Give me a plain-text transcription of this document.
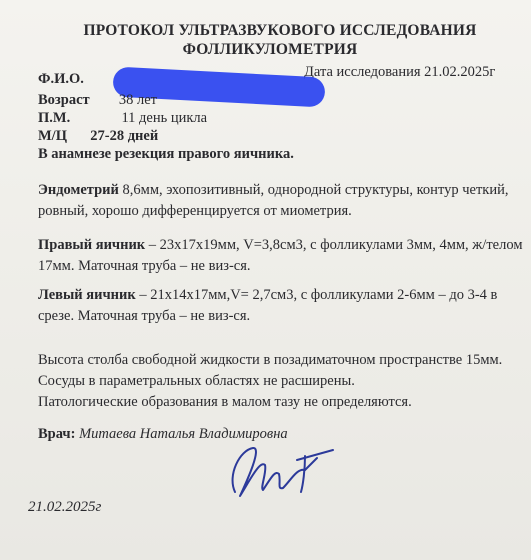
ПРОТОКОЛ УЛЬТРАЗВУКОВОГО ИССЛЕДОВАНИЯ
ФОЛЛИКУЛОМЕТРИЯ
Дата исследования 21.02.2025г
Ф.И.О.
Возраст 38 лет
П.М.	11 день цикла
М/Ц 27-28 дней
В анамнезе резекция правого яичника.

Эндометрий 8,6мм, эхопозитивный, однородной структуры, контур четкий, ровный, хорошо дифференцируется от миометрия.

Правый яичник – 23x17x19мм, V=3,8см3, с фолликулами 3мм, 4мм, ж/телом 17мм. Маточная труба – не виз-ся.

Левый яичник – 21x14x17мм,V= 2,7см3, с фолликулами 2-6мм – до 3-4 в срезе. Маточная труба – не виз-ся.

Высота столба свободной жидкости в позадиматочном пространстве 15мм.

Сосуды в параметральных областях не расширены.

Патологические образования в малом тазу не определяются.

Врач: Митаева Наталья Владимировна
21.02.2025г
